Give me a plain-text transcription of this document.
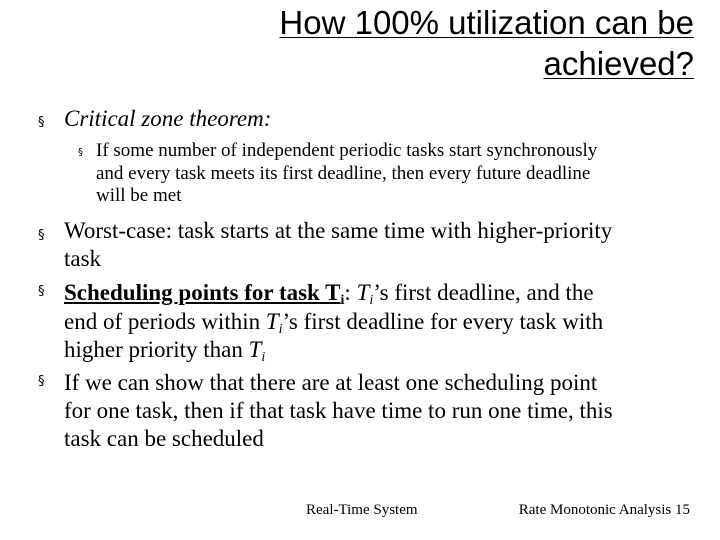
How 100% utilization can be
achieved?
§ Critical zone theorem:
§ If some number of independent periodic tasks start synchronously
and every task meets its first deadline, then every future deadline
will be met
§ Worst-case: task starts at the same time with higher-priority
task
§ Scheduling points for task $T_i$: $T_i’s$ first deadline, and the
end of periods within $T_i’s$ first deadline for every task with
higher priority than $T_i$
§ If we can show that there are at least one scheduling point
for one task, then if that task have time to run one time, this
task can be scheduled
Real-Time System	Rate Monotonic Analysis 15
